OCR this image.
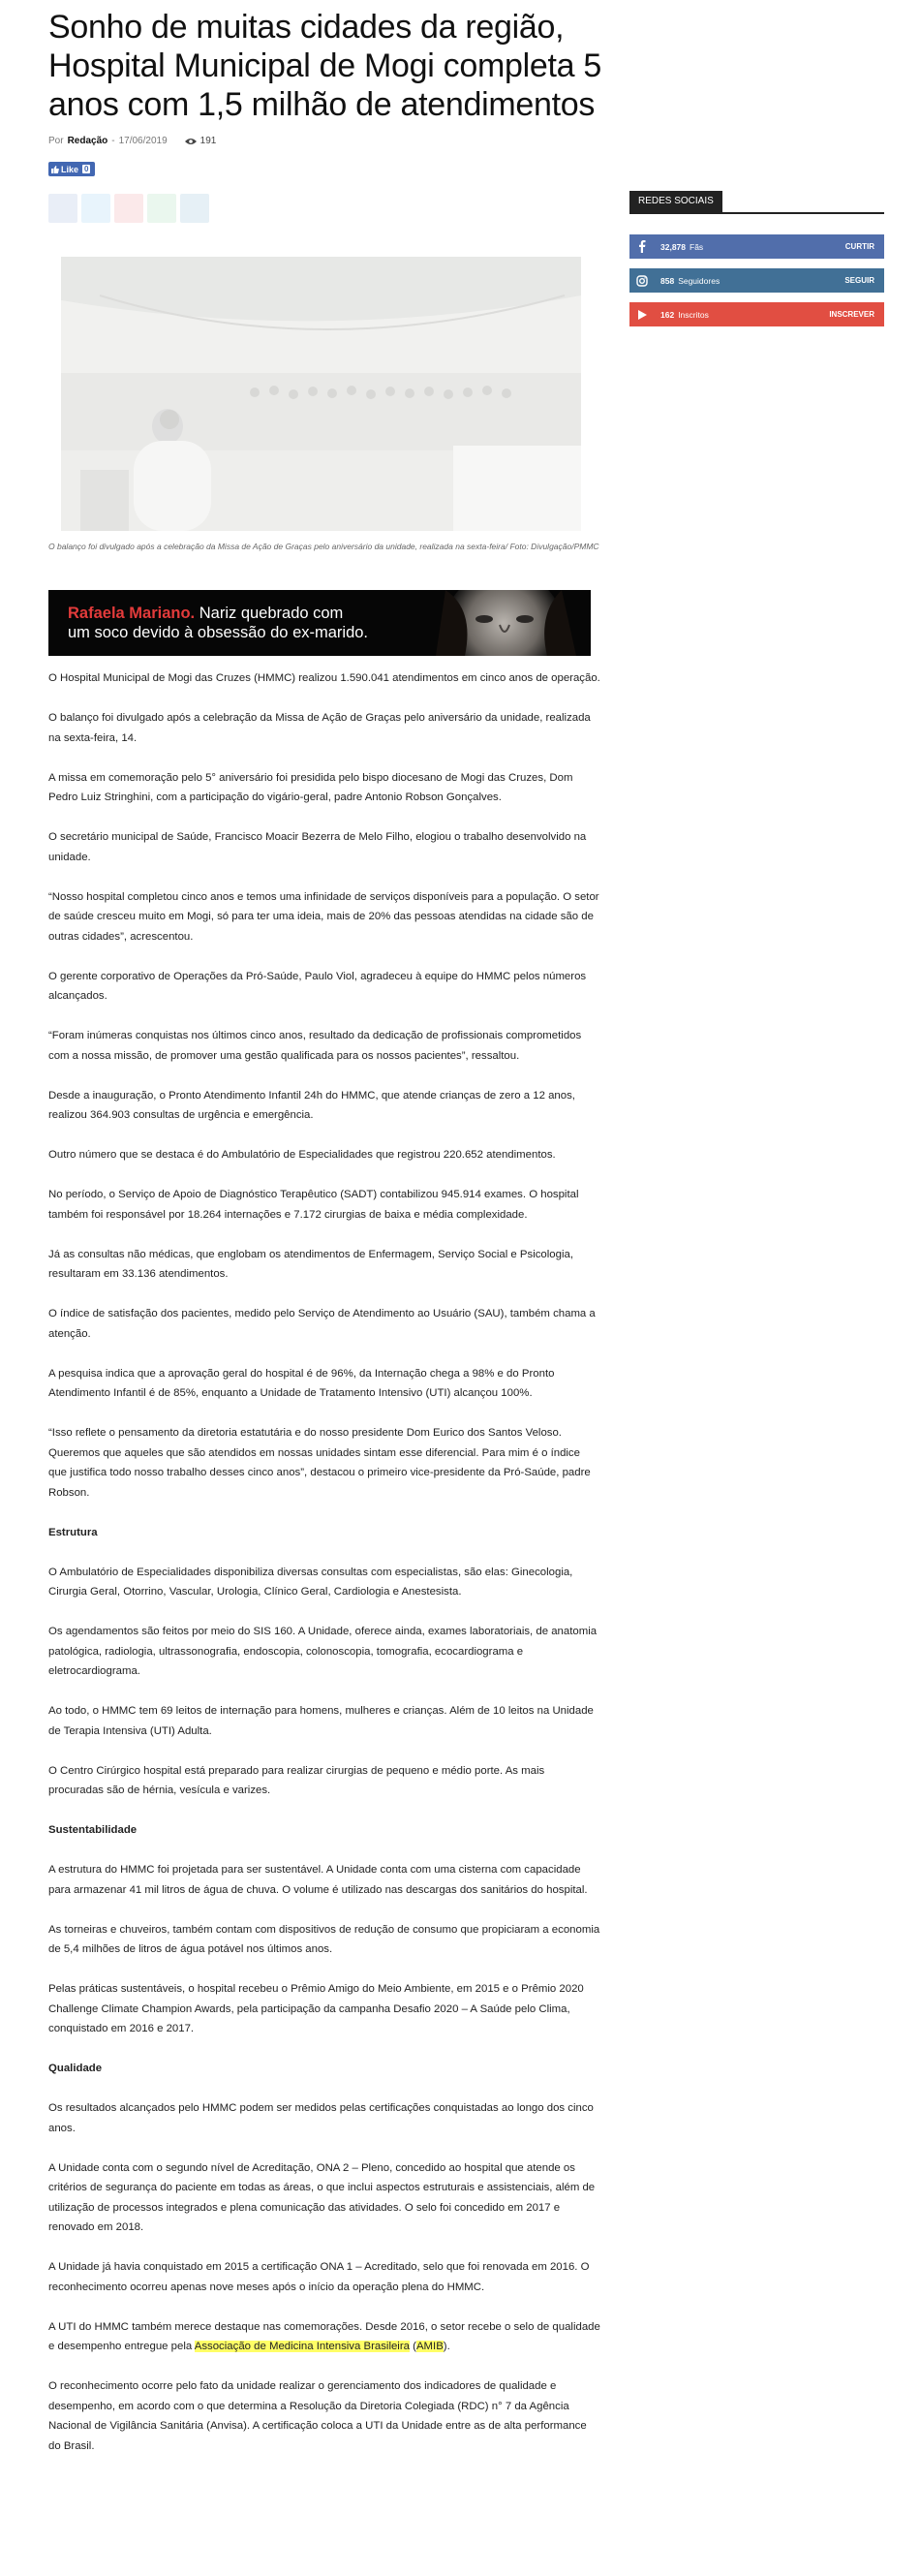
Sonho de muitas cidades da região, Hospital Municipal de Mogi completa 5 anos com 1,5 milhão de atendimentos
Por Redação - 17/06/2019	191
Like 0
O balanço foi divulgado após a celebração da Missa de Ação de Graças pelo aniversário da unidade, realizada na sexta-feira/ Foto: Divulgação/PMMC
Rafaela Mariano. Nariz quebrado com
um soco devido à obsessão do ex-marido.

O Hospital Municipal de Mogi das Cruzes (HMMC) realizou 1.590.041 atendimentos em cinco anos de operação.

O balanço foi divulgado após a celebração da Missa de Ação de Graças pelo aniversário da unidade, realizada na sexta-feira, 14.

A missa em comemoração pelo 5° aniversário foi presidida pelo bispo diocesano de Mogi das Cruzes, Dom Pedro Luiz Stringhini, com a participação do vigário-geral, padre Antonio Robson Gonçalves.

O secretário municipal de Saúde, Francisco Moacir Bezerra de Melo Filho, elogiou o trabalho desenvolvido na unidade.

“Nosso hospital completou cinco anos e temos uma infinidade de serviços disponíveis para a população. O setor de saúde cresceu muito em Mogi, só para ter uma ideia, mais de 20% das pessoas atendidas na cidade são de outras cidades”, acrescentou.

O gerente corporativo de Operações da Pró-Saúde, Paulo Viol, agradeceu à equipe do HMMC pelos números alcançados.

“Foram inúmeras conquistas nos últimos cinco anos, resultado da dedicação de profissionais comprometidos com a nossa missão, de promover uma gestão qualificada para os nossos pacientes”, ressaltou.

Desde a inauguração, o Pronto Atendimento Infantil 24h do HMMC, que atende crianças de zero a 12 anos, realizou 364.903 consultas de urgência e emergência.

Outro número que se destaca é do Ambulatório de Especialidades que registrou 220.652 atendimentos.

No período, o Serviço de Apoio de Diagnóstico Terapêutico (SADT) contabilizou 945.914 exames. O hospital também foi responsável por 18.264 internações e 7.172 cirurgias de baixa e média complexidade.

Já as consultas não médicas, que englobam os atendimentos de Enfermagem, Serviço Social e Psicologia, resultaram em 33.136 atendimentos.

O índice de satisfação dos pacientes, medido pelo Serviço de Atendimento ao Usuário (SAU), também chama a atenção.

A pesquisa indica que a aprovação geral do hospital é de 96%, da Internação chega a 98% e do Pronto Atendimento Infantil é de 85%, enquanto a Unidade de Tratamento Intensivo (UTI) alcançou 100%.

“Isso reflete o pensamento da diretoria estatutária e do nosso presidente Dom Eurico dos Santos Veloso. Queremos que aqueles que são atendidos em nossas unidades sintam esse diferencial. Para mim é o índice que justifica todo nosso trabalho desses cinco anos”, destacou o primeiro vice-presidente da Pró-Saúde, padre Robson.

Estrutura

O Ambulatório de Especialidades disponibiliza diversas consultas com especialistas, são elas: Ginecologia, Cirurgia Geral, Otorrino, Vascular, Urologia, Clínico Geral, Cardiologia e Anestesista.

Os agendamentos são feitos por meio do SIS 160. A Unidade, oferece ainda, exames laboratoriais, de anatomia patológica, radiologia, ultrassonografia, endoscopia, colonoscopia, tomografia, ecocardiograma e eletrocardiograma.

Ao todo, o HMMC tem 69 leitos de internação para homens, mulheres e crianças. Além de 10 leitos na Unidade de Terapia Intensiva (UTI) Adulta.

O Centro Cirúrgico hospital está preparado para realizar cirurgias de pequeno e médio porte. As mais procuradas são de hérnia, vesícula e varizes.

Sustentabilidade

A estrutura do HMMC foi projetada para ser sustentável. A Unidade conta com uma cisterna com capacidade para armazenar 41 mil litros de água de chuva. O volume é utilizado nas descargas dos sanitários do hospital.

As torneiras e chuveiros, também contam com dispositivos de redução de consumo que propiciaram a economia de 5,4 milhões de litros de água potável nos últimos anos.

Pelas práticas sustentáveis, o hospital recebeu o Prêmio Amigo do Meio Ambiente, em 2015 e o Prêmio 2020 Challenge Climate Champion Awards, pela participação da campanha Desafio 2020 – A Saúde pelo Clima, conquistado em 2016 e 2017.

Qualidade

Os resultados alcançados pelo HMMC podem ser medidos pelas certificações conquistadas ao longo dos cinco anos.

A Unidade conta com o segundo nível de Acreditação, ONA 2 – Pleno, concedido ao hospital que atende os critérios de segurança do paciente em todas as áreas, o que inclui aspectos estruturais e assistenciais, além de utilização de processos integrados e plena comunicação das atividades. O selo foi concedido em 2017 e renovado em 2018.

A Unidade já havia conquistado em 2015 a certificação ONA 1 – Acreditado, selo que foi renovada em 2016. O reconhecimento ocorreu apenas nove meses após o início da operação plena do HMMC.

A UTI do HMMC também merece destaque nas comemorações. Desde 2016, o setor recebe o selo de qualidade e desempenho entregue pela Associação de Medicina Intensiva Brasileira (AMIB).

O reconhecimento ocorre pelo fato da unidade realizar o gerenciamento dos indicadores de qualidade e desempenho, em acordo com o que determina a Resolução da Diretoria Colegiada (RDC) n° 7 da Agência Nacional de Vigilância Sanitária (Anvisa). A certificação coloca a UTI da Unidade entre as de alta performance do Brasil.

REDES SOCIAIS
32,878 Fãs	CURTIR
858 Seguidores	SEGUIR
162 Inscritos	INSCREVER
